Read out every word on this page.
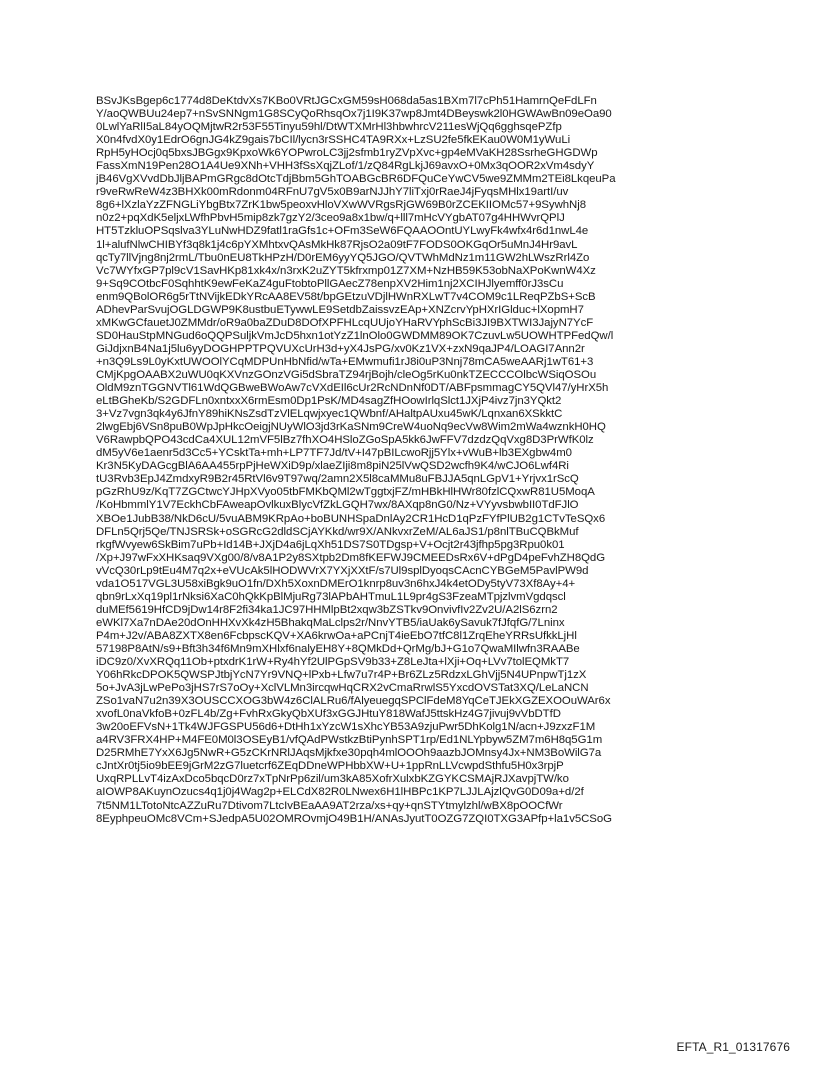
BSvJKsBgep6c1774d8DeKtdvXs7KBo0VRtJGCxGM59sH068da5as1BXm7l7cPh51HamrnQeFdLFn
Y/aoQWBUu24ep7+nSvSNNgm1G8SCyQoRhsqOx7j1I9K37wp8Jmt4DBeyswk2l0HGWAwBn09eOa90
0LwlYaRlI5aL84yOQMjtwR2r53F55Tinyu59hl/DtWTXMrHl3hbwhrcV211esWjQq6gghsqePZfp
X0n4fvdX0y1EdrO6gnJG4kZ9gais7bCIl/lycn3rSSHC4TA9RXx+LzSU2fe5fkEKau0W0M1yWuLi
RpH5yHOcj0q5bxsJBGgx9KpxoWk6YOPwroLC3jj2sfmb1ryZVpXvc+gp4eMVaKH28SsrheGHGDWp
FassXmN19Pen28O1A4Ue9XNh+VHH3fSsXqjZLof/1/zQ84RgLkjJ69avxO+0Mx3qOOR2xVm4sdyY
jB46VgXVvdDbJljBAPmGRgc8dOtcTdjBbm5GhTOABGcBR6DFQuCeYwCV5we9ZMMm2TEi8LkqeuPa
r9veRwReW4z3BHXk00mRdonm04RFnU7gV5x0B9arNJJhY7liTxj0rRaeJ4jFyqsMHlx19artI/uv
8g6+lXzlaYzZFNGLiYbgBtx7ZrK1bw5peoxvHloVXwWVRgsRjGW69B0rZCEKIIOMc57+9SywhNj8
n0z2+pqXdK5eljxLWfhPbvH5mip8zk7gzY2/3ceo9a8x1bw/q+lll7mHcVYgbAT07g4HHWvrQPlJ
HT5TzkluOPSqslva3YLuNwHDZ9fatl1raGfs1c+OFm3SeW6FQAAOOntUYLwyFk4wfx4r6d1nwL4e
1l+alufNlwCHIBYf3q8k1j4c6pYXMhtxvQAsMkHk87RjsO2a09tF7FODS0OKGqOr5uMnJ4Hr9avL
qcTy7llVjng8nj2rmL/Tbu0nEU8TkHPzH/D0rEM6yyYQ5JGO/QVTWhMdNz1m11GW2hLWszRrl4Zo
Vc7WYfxGP7pl9cV1SavHKp81xk4x/n3rxK2uZYT5kfrxmp01Z7XM+NzHB59K53obNaXPoKwnW4Xz
9+Sq9COtbcF0SqhhtK9ewFeKaZ4guFtobtoPllGAecZ78enpXV2Him1nj2XCIHJlyemff0rJ3sCu
enm9QBolOR6g5rTtNVijkEDkYRcAA8EV58t/bpGEtzuVDjlHWnRXLwT7v4COM9c1LReqPZbS+ScB
ADhevParSvujOGLDGWP9K8ustbuETywwLE9SetdbZaissvzEAp+XNZcrvYpHXrIGlduc+lXopmH7
xMKwGCfauetJ0ZMMdr/oR9a0baZDuD8DOfXPFHLcqUUjoYHaRVYphScBi3JI9BXTWI3JajyN7YcF
SD0HauStpMNGud6oQQPSuljkVmJcD5hxn1otYzZ1lnOlo0GWDMM89OK7CzuvLw5UOWHTPFedQw/l
GiJdjxnB4Na1j5lu6yyDOGHPPTPQVUXcUrH3d+yX4JsPG/xv0Kz1VX+zxN9qaJP4/LOAGI7Ann2r
+n3Q9Ls9L0yKxtUWOOlYCqMDPUnHbNfid/wTa+EMwmufi1rJ8i0uP3Nnj78mCA5weAARj1wT61+3
CMjKpgOAABX2uWU0qKXVnzGOnzVGi5dSbraTZ94rjBojh/cleOg5rKu0nkTZECCCOlbcWSiqOSOu
OldM9znTGGNVTl61WdQGBweBWoAw7cVXdEIl6cUr2RcNDnNf0DT/ABFpsmmagCY5QVl47/yHrX5h
eLtBGheKb/S2GDFLn0xntxxX6rmEsm0Dp1PsK/MD4sagZfHOowIrlqSlct1JXjP4ivz7jn3YQkt2
3+Vz7vgn3qk4y6JfnY89hiKNsZsdTzVlELqwjxyec1QWbnf/AHaltpAUxu45wK/Lqnxan6XSkktC
2lwgEbj6VSn8puB0WpJpHkcOeigjNUyWlO3jd3rKaSNm9CreW4uoNq9ecVw8Wim2mWa4wznkH0HQ
V6RawpbQPO43cdCa4XUL12mVF5lBz7fhXO4HSloZGoSpA5kk6JwFFV7dzdzQqVxg8D3PrWfK0lz
dM5yV6e1aenr5d3Cc5+YCsktTa+mh+LP7TF7Jd/tV+I47pBILcwoRjj5Ylx+vWuB+lb3EXgbw4m0
Kr3N5KyDAGcgBlA6AA455rpPjHeWXiD9p/xlaeZIji8m8piN25lVwQSD2wcfh9K4/wCJO6Lwf4Ri
tU3Rvb3EpJ4ZmdxyR9B2r45RtVl6v9T97wq/2amn2X5l8caMMu8uFBJJA5qnLGpV1+Yrjvx1rScQ
pGzRhU9z/KqT7ZGCtwcYJHpXVyo05tbFMKbQMl2wTggtxjFZ/mHBkHlHWr80fzlCQxwR81U5MoqA
/KoHbmmlY1V7EckhCbFAweapOvlkuxBlycVfZkLGQH7wx/8AXqp8nG0/Nz+VYyvsbwbII0TdFJlO
XBOe1JubB38/NkD6cU/5vuABM9KRpAo+boBUNHSpaDnlAy2CR1HcD1qPzFYfPlUB2g1CTvTeSQx6
DFLn5Qrj5Qe/TNJSRSk+oSGRcG2dldSCjAYKkd/wr9X/ANkvxrZeM/AL6aJS1/p8nlTBuCQBkMuf
rkgfWvyew6SkBim7uPb+Id14B+JXjD4a6jLqXh51DS7S0TDgsp+V+Ocjt2r43jfhp5pg3Rpu0k01
/Xp+J97wFxXHKsaq9VXg00/8/v8A1P2y8SXtpb2Dm8fKEFWJ9CMEEDsRx6V+dPgD4peFvhZH8QdG
vVcQ30rLp9tEu4M7q2x+eVUcAk5lHODWVrX7YXjXXtF/s7Ul9splDyoqsCAcnCYBGeM5PavlPW9d
vda1O517VGL3U58xiBgk9uO1fn/DXh5XoxnDMErO1knrp8uv3n6hxJ4k4etODy5tyV73Xf8Ay+4+
qbn9rLxXq19pl1rNksi6XaC0hQkKpBlMjuRg73lAPbAHTmuL1L9pr4gS3FzeaMTpjzlvmVgdqscl
duMEf5619HfCD9jDw14r8F2fi34ka1JC97HHMlpBt2xqw3bZSTkv9OnvivfIv2Zv2U/A2lS6zrn2
eWKl7Xa7nDAe20dOnHHXvXk4zH5BhakqMaLclps2r/NnvYTB5/iaUak6ySavuk7fJfqfG/7Lninx
P4m+J2v/ABA8ZXTX8en6FcbpscKQV+XA6krwOa+aPCnjT4ieEbO7tfC8l1ZrqEheYRRsUfkkLjHl
57198P8AtN/s9+Bft3h34f6Mn9mXHlxf6nalyEH8Y+8QMkDd+QrMg/bJ+G1o7QwaMIlwfn3RAABe
iDC9z0/XvXRQq11Ob+ptxdrK1rW+Ry4hYf2UlPGpSV9b33+Z8LeJta+lXji+Oq+LVv7tolEQMkT7
Y06hRkcDPOK5QWSPJtbjYcN7Yr9VNQ+lPxb+Lfw7u7r4P+Br6ZLz5RdzxLGhVjj5N4UPnpwTj1zX
5o+JvA3jLwPePo3jHS7rS7oOy+XclVLMn3ircqwHqCRX2vCmaRrwlS5YxcdOVSTat3XQ/LeLaNCN
ZSo1vaN7u2n39X3OUSCCXOG3bW4z6ClALRu6/fAlyeuegqSPClFdeM8YqCeTJEkXGZEXOOuWAr6x
xvofL0naVkfoB+0zFL4b/Zg+FvhRxGkyQbXUf3xGGJHtuY818WafJ5ttskHz4G7jivuj9vVbDTfD
3w20oEFVsN+1Tk4WJFGSPU56d6+DtHh1xYzcW1sXhcYB53A9zjuPwr5DhKolg1N/acn+J9zxzF1M
a4RV3FRX4HP+M4FE0M0l3OSEyB1/vfQAdPWstkzBtiPynhSPT1rp/Ed1NLYpbyw5ZM7m6H8q5G1m
D25RMhE7YxX6Jg5NwR+G5zCKrNRlJAqsMjkfxe30pqh4mlOOOh9aazbJOMnsy4Jx+NM3BoWilG7a
cJntXr0tj5io9bEE9jGrM2zG7luetcrf6ZEqDDneWPHbbXW+U+1ppRnLLVcwpdSthfu5H0x3rpjP
UxqRPLLvT4izAxDco5bqcD0rz7xTpNrPp6zil/um3kA85XofrXulxbKZGYKCSMAjRJXavpjTW/ko
aIOWP8AKuynOzucs4q1j0j4Wag2p+ELCdX82R0LNwex6H1lHBPc1KP7LJJLAjzlQvG0D09a+d/2f
7t5NM1LTotoNtcAZZuRu7Dtivom7LtcIvBEaAA9AT2rza/xs+qy+qnSTYtmylzhl/wBX8pOOCfWr
8EyphpeuOMc8VCm+SJedpA5U02OMROvmjO49B1H/ANAsJyutT0OZG7ZQI0TXG3APfp+la1v5CSoG
EFTA_R1_01317676
